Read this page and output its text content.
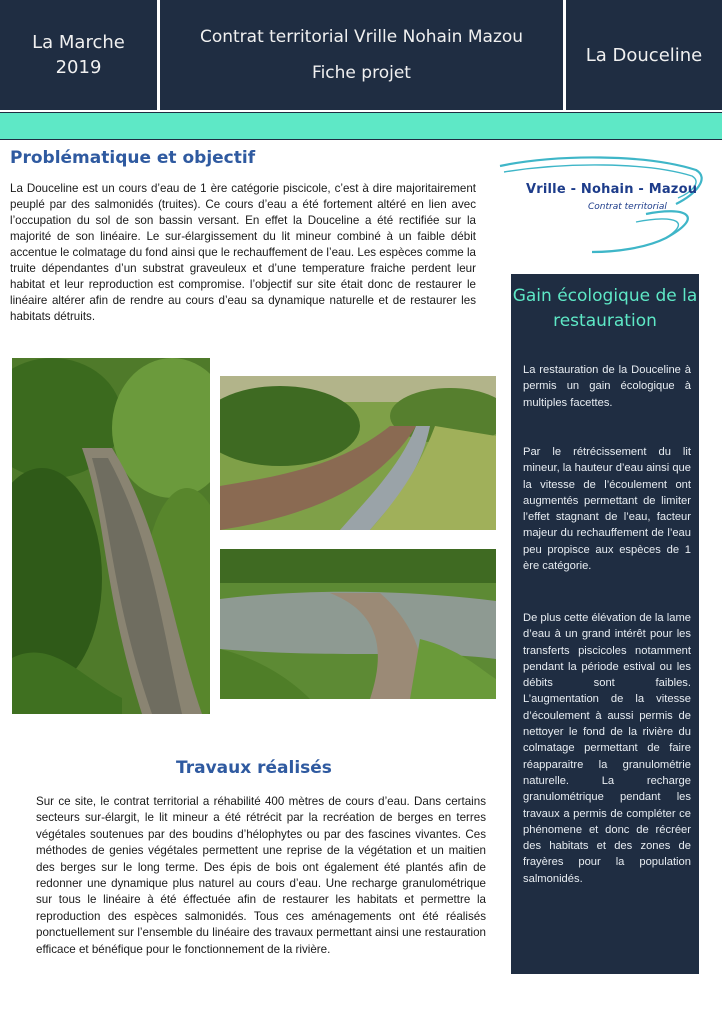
La Marche
2019
Contrat territorial Vrille Nohain Mazou
Fiche projet
La Douceline
Vrille - Nohain - Mazou
Contrat territorial
Problématique et objectif

La Douceline est un cours d’eau de 1 ère catégorie piscicole, c’est à dire majoritairement peuplé par des salmonidés (truites). Ce cours d’eau a été fortement altéré en lien avec l’occupation du sol de son bassin versant. En effet la Douceline a été rectifiée sur la majorité de son linéaire. Le sur-élargissement du lit mineur combiné à un faible débit accentue le colmatage du fond ainsi que le rechauffement de l’eau. Les espèces comme la truite dépendantes d’un substrat graveuleux et d’une temperature fraiche perdent leur habitat et leur reproduction est compromise. l’objectif sur site était donc de restaurer le linéaire altérer afin de rendre au cours d’eau sa dynamique naturelle et de restaurer les habitats détruits.

Travaux réalisés

Sur ce site, le contrat territorial a réhabilité 400 mètres de cours d’eau. Dans certains secteurs sur-élargit, le lit mineur a été rétrécit par la recréation de berges en terres végétales soutenues par des boudins d’hélophytes ou par des fascines vivantes. Ces méthodes de genies végétales permettent une reprise de la végétation et un maitien des berges sur le long terme. Des épis de bois ont également été plantés afin de redonner une dynamique plus naturel au cours d’eau. Une recharge granulométrique sur tous le linéaire à été éffectuée afin de restaurer les habitats et permettre la reproduction des espèces salmonidés. Tous ces aménagements ont été réalisés ponctuellement sur l’ensemble du linéaire des travaux permettant ainsi une restauration efficace et bénéfique pour le fonctionnement de la rivière.

Gain écologique de la restauration

La restauration de la Douceline à permis un gain écologique à multiples facettes.

Par le rétrécissement du lit mineur, la hauteur d’eau ainsi que la vitesse de l’écoulement ont augmentés permettant de limiter l’effet stagnant de l’eau, facteur majeur du rechauffement de l’eau peu propisce aux espèces de 1 ère catégorie.

De plus cette élévation de la lame d’eau à un grand intérêt pour les transferts piscicoles notamment pendant la période estival ou les débits sont faibles. L’augmentation de la vitesse d’écoulement à aussi permis de nettoyer le fond de la rivière du colmatage permettant de faire réapparaitre la granulométrie naturelle. La recharge granulométrique pendant les travaux a permis de compléter ce phénomene et donc de récréer des habitats et des zones de frayères pour la population salmonidés.
